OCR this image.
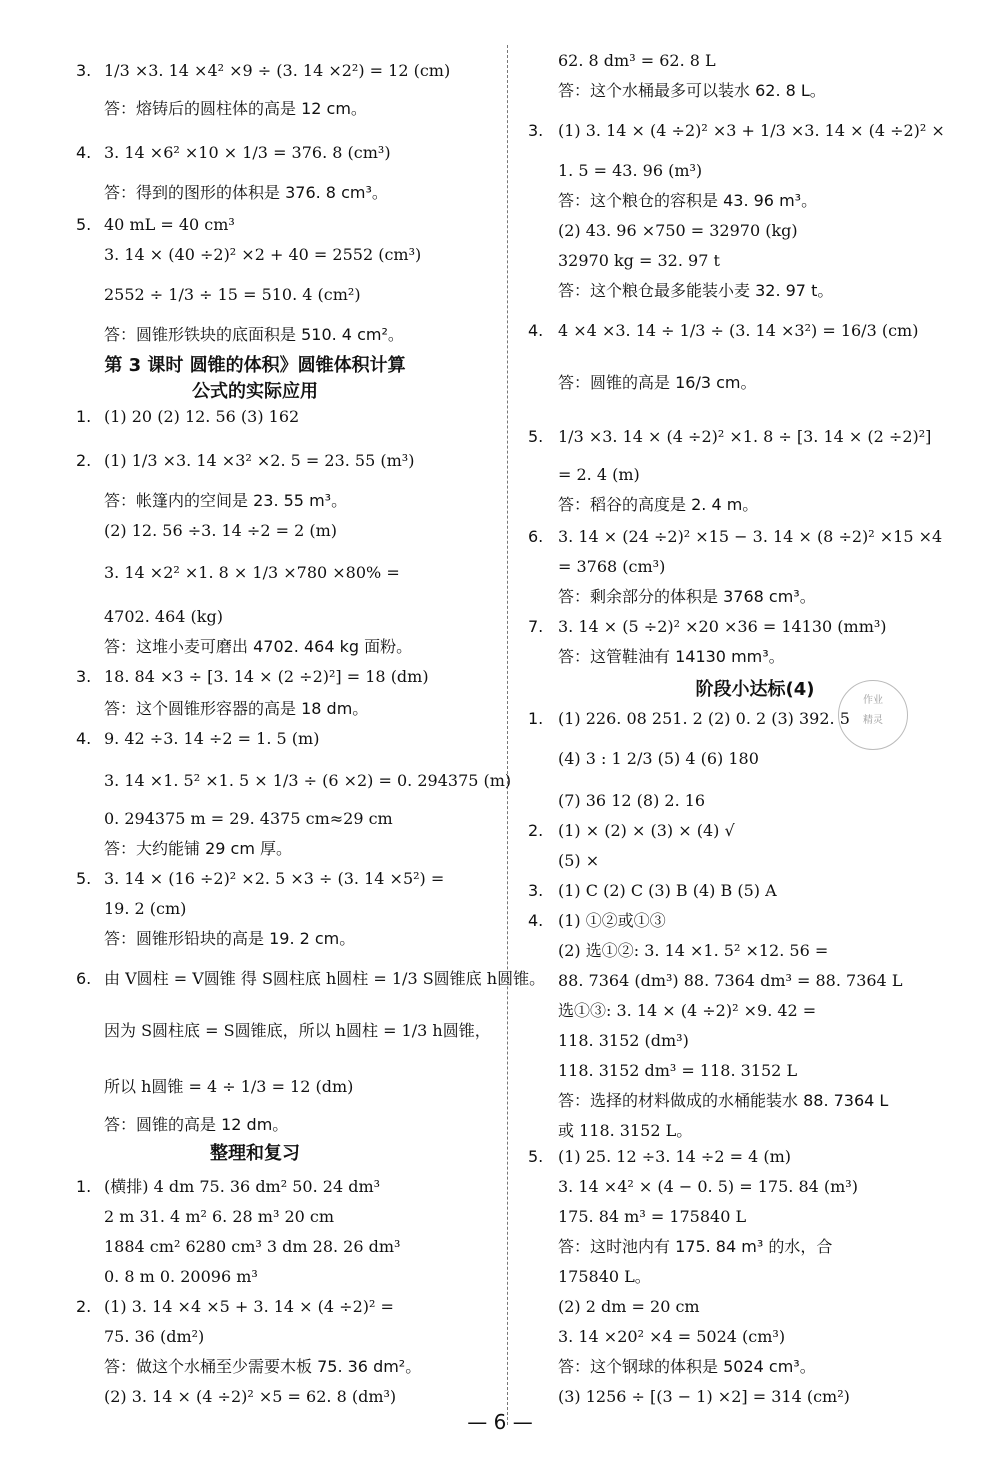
3. 1/3 ×3. 14 ×4² ×9 ÷ (3. 14 ×2²) = 12 (cm)
答：熔铸后的圆柱体的高是 12 cm。
4. 3. 14 ×6² ×10 × 1/3 = 376. 8 (cm³)
答：得到的图形的体积是 376. 8 cm³。
5. 40 mL = 40 cm³
3. 14 × (40 ÷2)² ×2 + 40 = 2552 (cm³)
2552 ÷ 1/3 ÷ 15 = 510. 4 (cm²)
答：圆锥形铁块的底面积是 510. 4 cm²。
1. (1) 20 (2) 12. 56 (3) 162
2. (1) 1/3 ×3. 14 ×3² ×2. 5 = 23. 55 (m³)
答：帐篷内的空间是 23. 55 m³。
(2) 12. 56 ÷3. 14 ÷2 = 2 (m)
3. 14 ×2² ×1. 8 × 1/3 ×780 ×80% =
4702. 464 (kg)
答：这堆小麦可磨出 4702. 464 kg 面粉。
3. 18. 84 ×3 ÷ [3. 14 × (2 ÷2)²] = 18 (dm)
答：这个圆锥形容器的高是 18 dm。
4. 9. 42 ÷3. 14 ÷2 = 1. 5 (m)
3. 14 ×1. 5² ×1. 5 × 1/3 ÷ (6 ×2) = 0. 294375 (m)
0. 294375 m = 29. 4375 cm≈29 cm
答：大约能铺 29 cm 厚。
5. 3. 14 × (16 ÷2)² ×2. 5 ×3 ÷ (3. 14 ×5²) =
19. 2 (cm)
答：圆锥形铅块的高是 19. 2 cm。
6. 由 V圆柱 = V圆锥 得 S圆柱底 h圆柱 = 1/3 S圆锥底 h圆锥。
因为 S圆柱底 = S圆锥底，所以 h圆柱 = 1/3 h圆锥，
所以 h圆锥 = 4 ÷ 1/3 = 12 (dm)
答：圆锥的高是 12 dm。
1. (横排) 4 dm 75. 36 dm² 50. 24 dm³
2 m 31. 4 m² 6. 28 m³ 20 cm
1884 cm² 6280 cm³ 3 dm 28. 26 dm³
0. 8 m 0. 20096 m³
2. (1) 3. 14 ×4 ×5 + 3. 14 × (4 ÷2)² =
75. 36 (dm²)
答：做这个水桶至少需要木板 75. 36 dm²。
(2) 3. 14 × (4 ÷2)² ×5 = 62. 8 (dm³)
第 3 课时 圆锥的体积》圆锥体积计算
公式的实际应用
整理和复习
62. 8 dm³ = 62. 8 L
答：这个水桶最多可以装水 62. 8 L。
3. (1) 3. 14 × (4 ÷2)² ×3 + 1/3 ×3. 14 × (4 ÷2)² ×
1. 5 = 43. 96 (m³)
答：这个粮仓的容积是 43. 96 m³。
(2) 43. 96 ×750 = 32970 (kg)
32970 kg = 32. 97 t
答：这个粮仓最多能装小麦 32. 97 t。
4. 4 ×4 ×3. 14 ÷ 1/3 ÷ (3. 14 ×3²) = 16/3 (cm)
答：圆锥的高是 16/3 cm。
5. 1/3 ×3. 14 × (4 ÷2)² ×1. 8 ÷ [3. 14 × (2 ÷2)²]
= 2. 4 (m)
答：稻谷的高度是 2. 4 m。
6. 3. 14 × (24 ÷2)² ×15 − 3. 14 × (8 ÷2)² ×15 ×4
= 3768 (cm³)
答：剩余部分的体积是 3768 cm³。
7. 3. 14 × (5 ÷2)² ×20 ×36 = 14130 (mm³)
答：这管鞋油有 14130 mm³。
1. (1) 226. 08 251. 2 (2) 0. 2 (3) 392. 5
(4) 3 : 1 2/3 (5) 4 (6) 180
(7) 36 12 (8) 2. 16
2. (1) × (2) × (3) × (4) √
(5) ×
3. (1) C (2) C (3) B (4) B (5) A
4. (1) ①②或①③
(2) 选①②: 3. 14 ×1. 5² ×12. 56 =
88. 7364 (dm³) 88. 7364 dm³ = 88. 7364 L
选①③: 3. 14 × (4 ÷2)² ×9. 42 =
118. 3152 (dm³)
118. 3152 dm³ = 118. 3152 L
答：选择的材料做成的水桶能装水 88. 7364 L
或 118. 3152 L。
5. (1) 25. 12 ÷3. 14 ÷2 = 4 (m)
3. 14 ×4² × (4 − 0. 5) = 175. 84 (m³)
175. 84 m³ = 175840 L
答：这时池内有 175. 84 m³ 的水，合
175840 L。
(2) 2 dm = 20 cm
3. 14 ×20² ×4 = 5024 (cm³)
答：这个钢球的体积是 5024 cm³。
(3) 1256 ÷ [(3 − 1) ×2] = 314 (cm²)
阶段小达标(4)
作业
精灵
— 6 —
